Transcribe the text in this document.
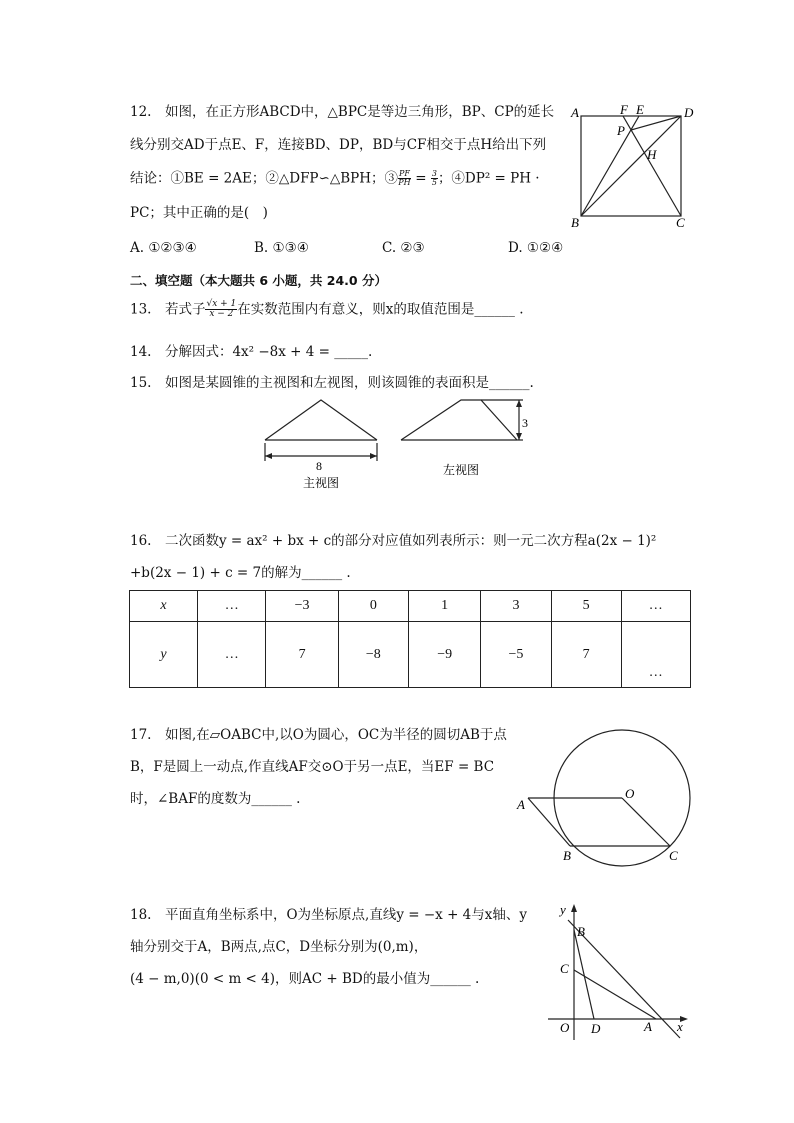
12.　如图，在正方形ABCD中，△BPC是等边三角形，BP、CP的延长
线分别交AD于点E、F，连接BD、DP，BD与CF相交于点H给出下列
结论：①BE = 2AE；②△DFP∽△BPH；③ $\frac{PF}{PH} = \frac{3}{5}$ ；④DP² = PH ·
PC；其中正确的是(　)
A. ①②③④	B. ①③④	C. ②③	D. ①②④
A	F E	D
P
H
B	C
二、填空题（本大题共 6 小题，共 24.0 分）
13.　若式子 $\frac{√x + 1}{x - 2}$ 在实数范围内有意义，则x的取值范围是______ .
14.　分解因式：4x² −8x + 4 = _____.
15.　如图是某圆锥的主视图和左视图，则该圆锥的表面积是______.
8
3
主视图
左视图
16.　二次函数y = ax² + bx + c的部分对应值如列表所示：则一元二次方程a(2x − 1)²
+b(2x − 1) + c = 7的解为______ .
x	…	−3	0	1	3	5	…
y	…	7	−8	−9	−5	7	…
17.　如图,在▱OABC中,以O为圆心，OC为半径的圆切AB于点
B，F是圆上一动点,作直线AF交⊙O于另一点E，当EF = BC
时，∠BAF的度数为______ .	A
O
B	C
18.　平面直角坐标系中，O为坐标原点,直线y = −x + 4与x轴、y
轴分别交于A，B两点,点C，D坐标分别为(0,m)，
(4 − m,0)(0 < m < 4)，则AC + BD的最小值为______ .
y
B
C
O D	A x
